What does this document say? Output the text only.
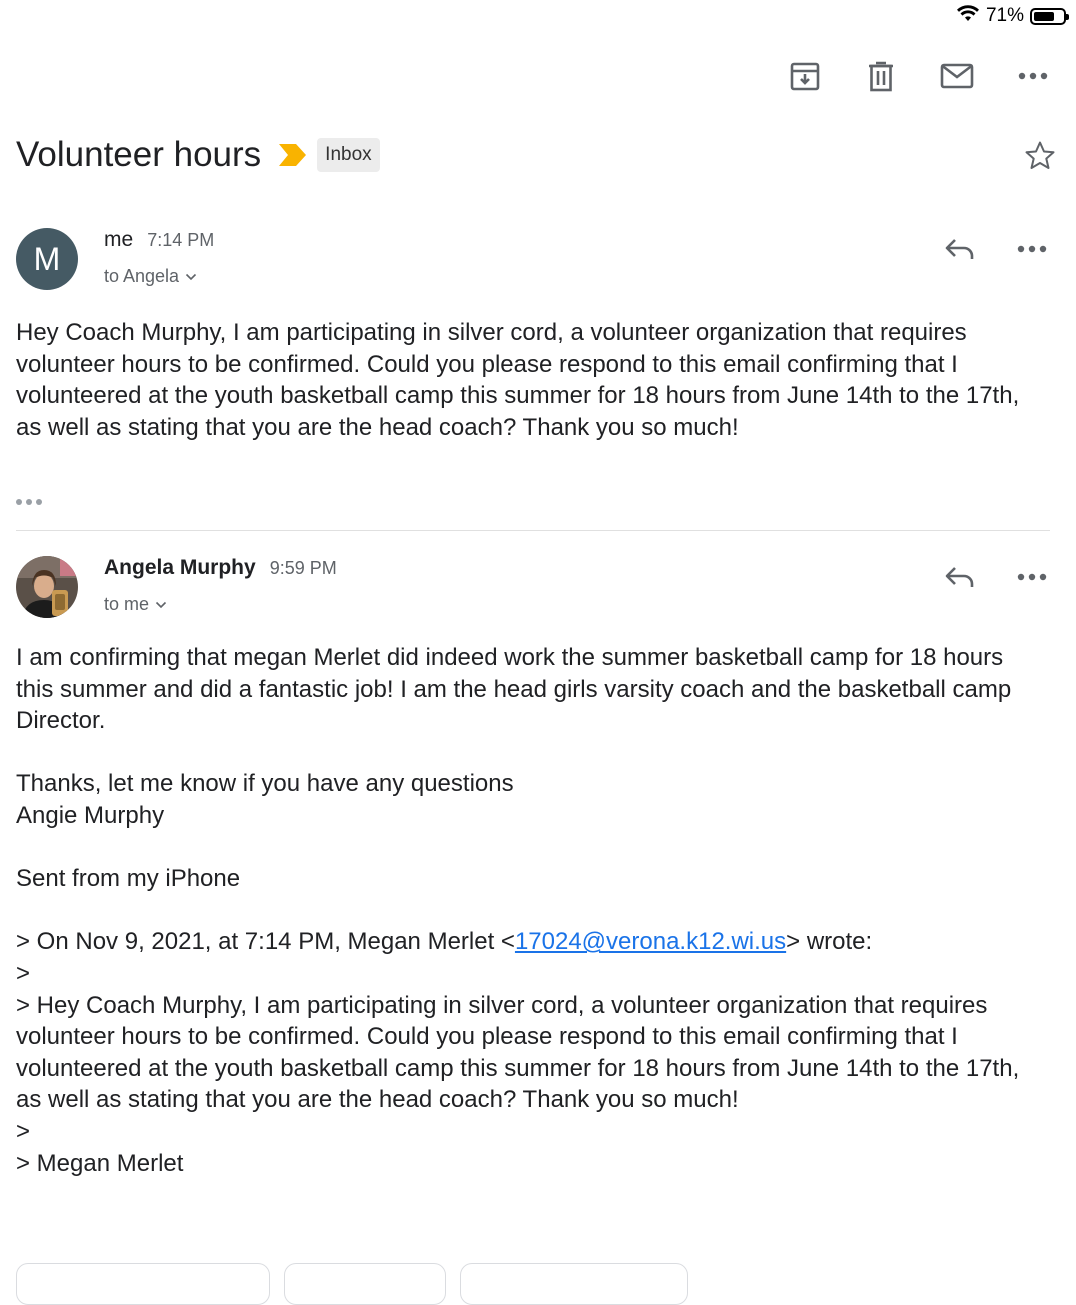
71%
Volunteer hours	Inbox
M
me 7:14 PM
to Angela

Hey Coach Murphy, I am participating in silver cord, a volunteer organization that requires volunteer hours to be confirmed. Could you please respond to this email confirming that I volunteered at the youth basketball camp this summer for 18 hours from June 14th to the 17th, as well as stating that you are the head coach? Thank you so much!

Angela Murphy 9:59 PM
to me

I am confirming that megan Merlet did indeed work the summer basketball camp for 18 hours this summer and did a fantastic job! I am the head girls varsity coach and the basketball camp

Director.

Thanks, let me know if you have any questions

Angie Murphy

Sent from my iPhone

> On Nov 9, 2021, at 7:14 PM, Megan Merlet <17024@verona.k12.wi.us> wrote:

>

> Hey Coach Murphy, I am participating in silver cord, a volunteer organization that requires volunteer hours to be confirmed. Could you please respond to this email confirming that I volunteered at the youth basketball camp this summer for 18 hours from June 14th to the 17th, as well as stating that you are the head coach? Thank you so much!

>

> Megan Merlet
